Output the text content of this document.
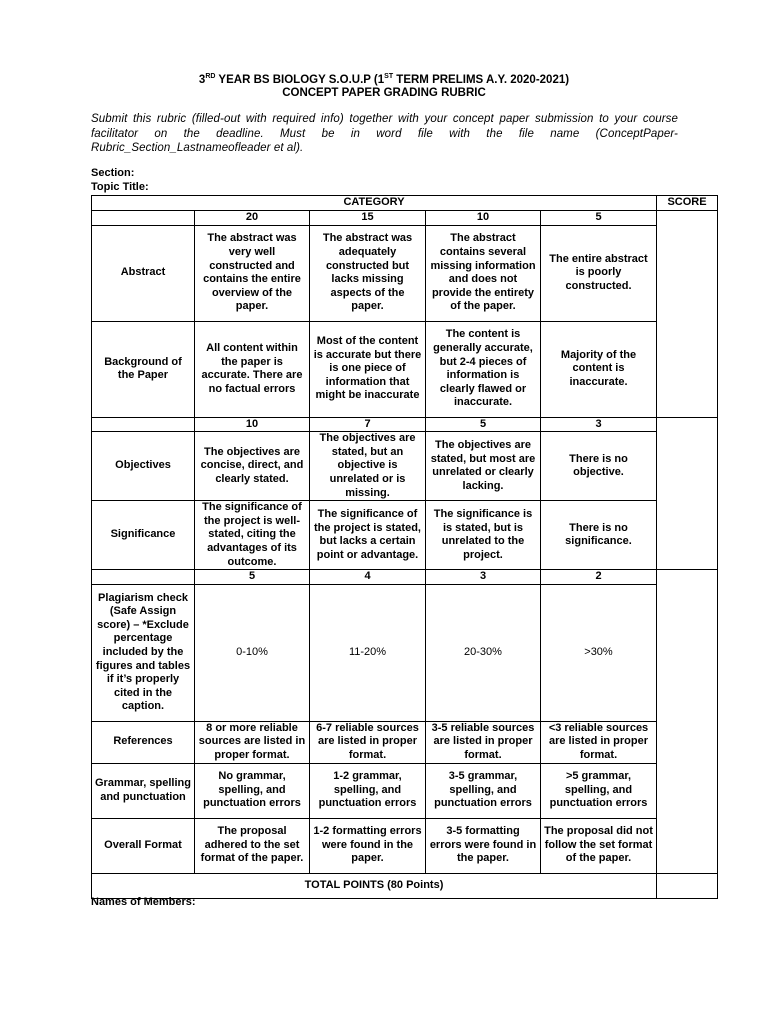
3RD YEAR BS BIOLOGY S.O.U.P (1ST TERM PRELIMS A.Y. 2020-2021)
CONCEPT PAPER GRADING RUBRIC
Submit this rubric (filled-out with required info) together with your concept paper submission to your course facilitator on the deadline. Must be in word file with the file name (ConceptPaper-Rubric_Section_Lastnameofleader et al).
Section:
Topic Title:
CATEGORY					SCORE
	20	15	10	5	
Abstract	The abstract was very well constructed and contains the entire overview of the paper.	The abstract was adequately constructed but lacks missing aspects of the paper.	The abstract contains several missing information and does not provide the entirety of the paper.	The entire abstract is poorly constructed.	
Background of the Paper	All content within the paper is accurate. There are no factual errors	Most of the content is accurate but there is one piece of information that might be inaccurate	The content is generally accurate, but 2-4 pieces of information is clearly flawed or inaccurate.	Majority of the content is inaccurate.	
	10	7	5	3	
Objectives	The objectives are concise, direct, and clearly stated.	The objectives are stated, but an objective is unrelated or is missing.	The objectives are stated, but most are unrelated or clearly lacking.	There is no objective.	
Significance	The significance of the project is well-stated, citing the advantages of its outcome.	The significance of the project is stated, but lacks a certain point or advantage.	The significance is is stated, but is unrelated to the project.	There is no significance.	
	5	4	3	2	
Plagiarism check (Safe Assign score) – *Exclude percentage included by the figures and tables if it’s properly cited in the caption.	0-10%	11-20%	20-30%	>30%	
References	8 or more reliable sources are listed in proper format.	6-7 reliable sources are listed in proper format.	3-5 reliable sources are listed in proper format.	<3 reliable sources are listed in proper format.	
Grammar, spelling and punctuation	No grammar, spelling, and punctuation errors	1-2 grammar, spelling, and punctuation errors	3-5 grammar, spelling, and punctuation errors	>5 grammar, spelling, and punctuation errors	
Overall Format	The proposal adhered to the set format of the paper.	1-2 formatting errors were found in the paper.	3-5 formatting errors were found in the paper.	The proposal did not follow the set format of the paper.	
TOTAL POINTS (80 Points)					
Names of Members:
